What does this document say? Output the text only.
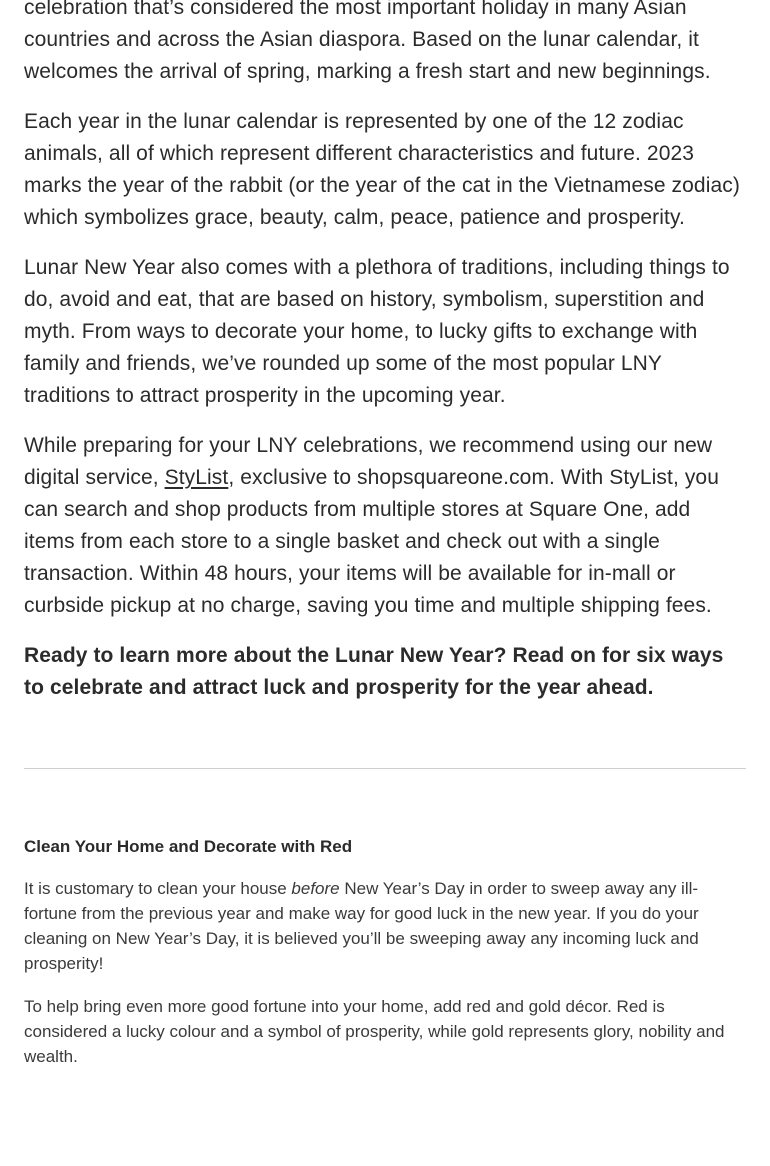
celebration that’s considered the most important holiday in many Asian countries and across the Asian diaspora. Based on the lunar calendar, it welcomes the arrival of spring, marking a fresh start and new beginnings.

Each year in the lunar calendar is represented by one of the 12 zodiac animals, all of which represent different characteristics and future. 2023 marks the year of the rabbit (or the year of the cat in the Vietnamese zodiac) which symbolizes grace, beauty, calm, peace, patience and prosperity.

Lunar New Year also comes with a plethora of traditions, including things to do, avoid and eat, that are based on history, symbolism, superstition and myth. From ways to decorate your home, to lucky gifts to exchange with family and friends, we’ve rounded up some of the most popular LNY traditions to attract prosperity in the upcoming year.

While preparing for your LNY celebrations, we recommend using our new digital service, StyList, exclusive to shopsquareone.com. With StyList, you can search and shop products from multiple stores at Square One, add items from each store to a single basket and check out with a single transaction. Within 48 hours, your items will be available for in-mall or curbside pickup at no charge, saving you time and multiple shipping fees.

Ready to learn more about the Lunar New Year? Read on for six ways to celebrate and attract luck and prosperity for the year ahead.

Clean Your Home and Decorate with Red

It is customary to clean your house before New Year’s Day in order to sweep away any ill-fortune from the previous year and make way for good luck in the new year. If you do your cleaning on New Year’s Day, it is believed you’ll be sweeping away any incoming luck and prosperity!

To help bring even more good fortune into your home, add red and gold décor. Red is considered a lucky colour and a symbol of prosperity, while gold represents glory, nobility and wealth.
